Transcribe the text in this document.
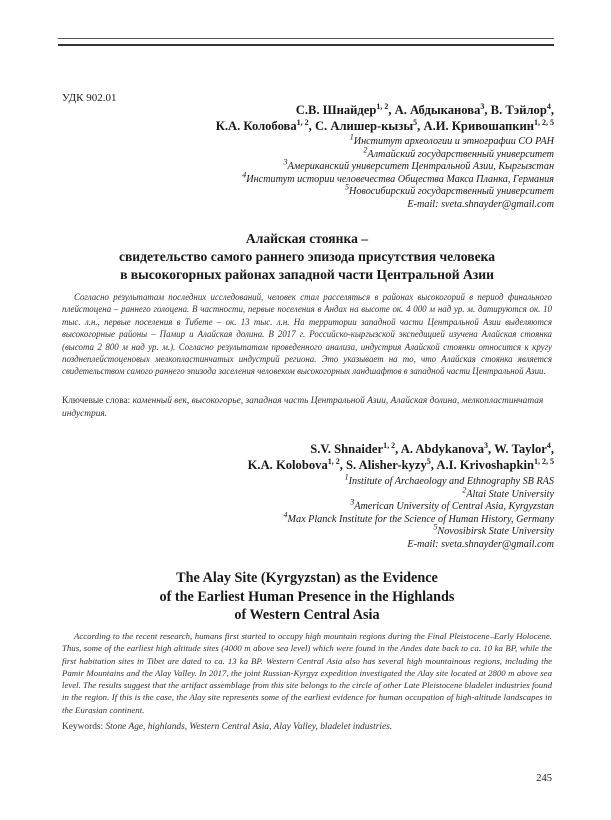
УДК 902.01
С.В. Шнайдер$^{1, 2}$, А. Абдыканова$^3$, В. Тэйлор$^4$,
К.А. Колобова$^{1, 2}$, С. Алишер-кызы$^5$, А.И. Кривошапкин$^{1, 2, 5}$
$^1$Институт археологии и этнографии СО РАН
$^2$Алтайский государственный университет
$^3$Американский университет Центральной Азии, Кыргызстан
$^4$Институт истории человечества Общества Макса Планка, Германия
$^5$Новосибирский государственный университет
E-mail: sveta.shnayder@gmail.com
Алайская стоянка –
свидетельство самого раннего эпизода присутствия человека
в высокогорных районах западной части Центральной Азии
Согласно результатам последних исследований, человек стал расселяться в районах высокогорий в период финального плейстоцена – раннего голоцена. В частности, первые поселения в Андах на высоте ок. 4 000 м над ур. м. датируются ок. 10 тыс. л.н., первые поселения в Тибете – ок. 13 тыс. л.н. На территории западной части Центральной Азии выделяются высокогорные районы – Памир и Алайская долина. В 2017 г. Российско-кыргызской экспедицией изучена Алайская стоянка (высота 2 800 м над ур. м.). Согласно результатам проведенного анализа, индустрия Алайской стоянки относится к кругу позднеплейстоценовых мелкопластинчатых индустрий региона. Это указывает на то, что Алайская стоянка является свидетельством самого раннего эпизода заселения человеком высокогорных ландшафтов в западной части Центральной Азии.
Ключевые слова: каменный век, высокогорье, западная часть Центральной Азии, Алайская долина, мелкопластинчатая индустрия.
S.V. Shnaider$^{1, 2}$, A. Abdykanova$^3$, W. Taylor$^4$,
K.A. Kolobova$^{1, 2}$, S. Alisher-kyzy$^5$, A.I. Krivoshapkin$^{1, 2, 5}$
$^1$Institute of Archaeology and Ethnography SB RAS
$^2$Altai State University
$^3$American University of Central Asia, Kyrgyzstan
$^4$Max Planck Institute for the Science of Human History, Germany
$^5$Novosibirsk State University
E-mail: sveta.shnayder@gmail.com
The Alay Site (Kyrgyzstan) as the Evidence
of the Earliest Human Presence in the Highlands
of Western Central Asia
According to the recent research, humans first started to occupy high mountain regions during the Final Pleistocene–Early Holocene. Thus, some of the earliest high altitude sites (4000 m above sea level) which were found in the Andes date back to ca. 10 ka BP, while the first habitation sites in Tibet are dated to ca. 13 ka BP. Western Central Asia also has several high mountainous regions, including the Pamir Mountains and the Alay Valley. In 2017, the joint Russian-Kyrgyz expedition investigated the Alay site located at 2800 m above sea level. The results suggest that the artifact assemblage from this site belongs to the circle of other Late Pleistocene bladelet industries found in the region. If this is the case, the Alay site represents some of the earliest evidence for human occupation of high-altitude landscapes in the Eurasian continent.
Keywords: Stone Age, highlands, Western Central Asia, Alay Valley, bladelet industries.
245
